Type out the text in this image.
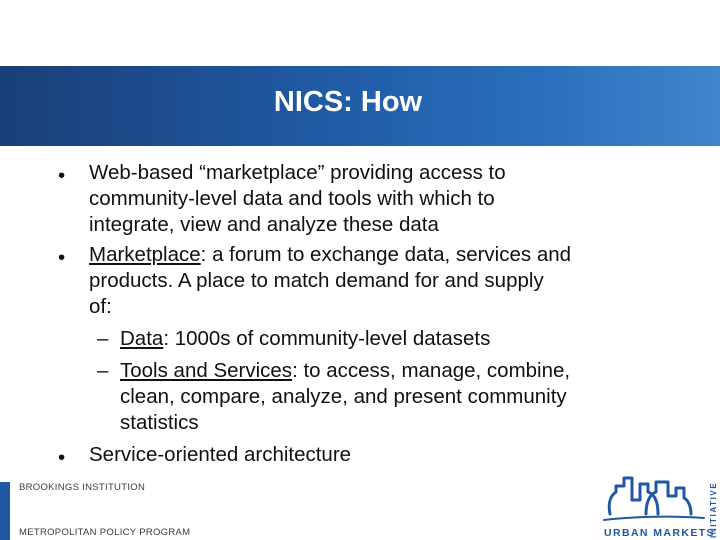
NICS: How
• Web-based “marketplace” providing access to
community-level data and tools with which to
integrate, view and analyze these data
• Marketplace: a forum to exchange data, services and
products. A place to match demand for and supply
of:
– Data: 1000s of community-level datasets
– Tools and Services: to access, manage, combine,
clean, compare, analyze, and present community
statistics
• Service-oriented architecture
BROOKINGS INSTITUTION
METROPOLITAN POLICY PROGRAM	URBAN MARKETS
INITIATIVE
